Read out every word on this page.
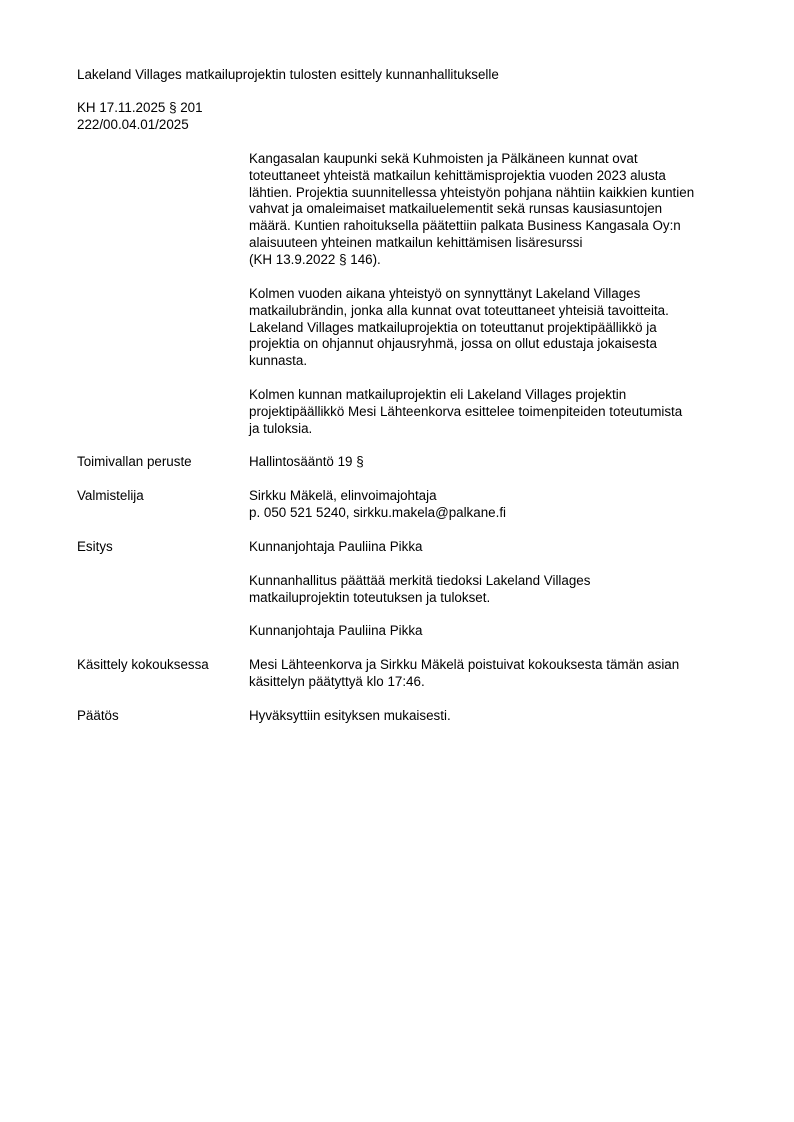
Lakeland Villages matkailuprojektin tulosten esittely kunnanhallitukselle
KH 17.11.2025 § 201
222/00.04.01/2025
Kangasalan kaupunki sekä Kuhmoisten ja Pälkäneen kunnat ovat
toteuttaneet yhteistä matkailun kehittämisprojektia vuoden 2023 alusta
lähtien. Projektia suunnitellessa yhteistyön pohjana nähtiin kaikkien kuntien
vahvat ja omaleimaiset matkailuelementit sekä runsas kausiasuntojen
määrä. Kuntien rahoituksella päätettiin palkata Business Kangasala Oy:n
alaisuuteen yhteinen matkailun kehittämisen lisäresurssi
(KH 13.9.2022 § 146).
Kolmen vuoden aikana yhteistyö on synnyttänyt Lakeland Villages
matkailubrändin, jonka alla kunnat ovat toteuttaneet yhteisiä tavoitteita.
Lakeland Villages matkailuprojektia on toteuttanut projektipäällikkö ja
projektia on ohjannut ohjausryhmä, jossa on ollut edustaja jokaisesta
kunnasta.
Kolmen kunnan matkailuprojektin eli Lakeland Villages projektin
projektipäällikkö Mesi Lähteenkorva esittelee toimenpiteiden toteutumista
ja tuloksia.
Toimivallan peruste	Hallintosääntö 19 §
Valmistelija	Sirkku Mäkelä, elinvoimajohtaja
p. 050 521 5240, sirkku.makela@palkane.fi
Esitys	Kunnanjohtaja Pauliina Pikka
Kunnanhallitus päättää merkitä tiedoksi Lakeland Villages
matkailuprojektin toteutuksen ja tulokset.
Kunnanjohtaja Pauliina Pikka
Käsittely kokouksessa	Mesi Lähteenkorva ja Sirkku Mäkelä poistuivat kokouksesta tämän asian
käsittelyn päätyttyä klo 17:46.
Päätös	Hyväksyttiin esityksen mukaisesti.
